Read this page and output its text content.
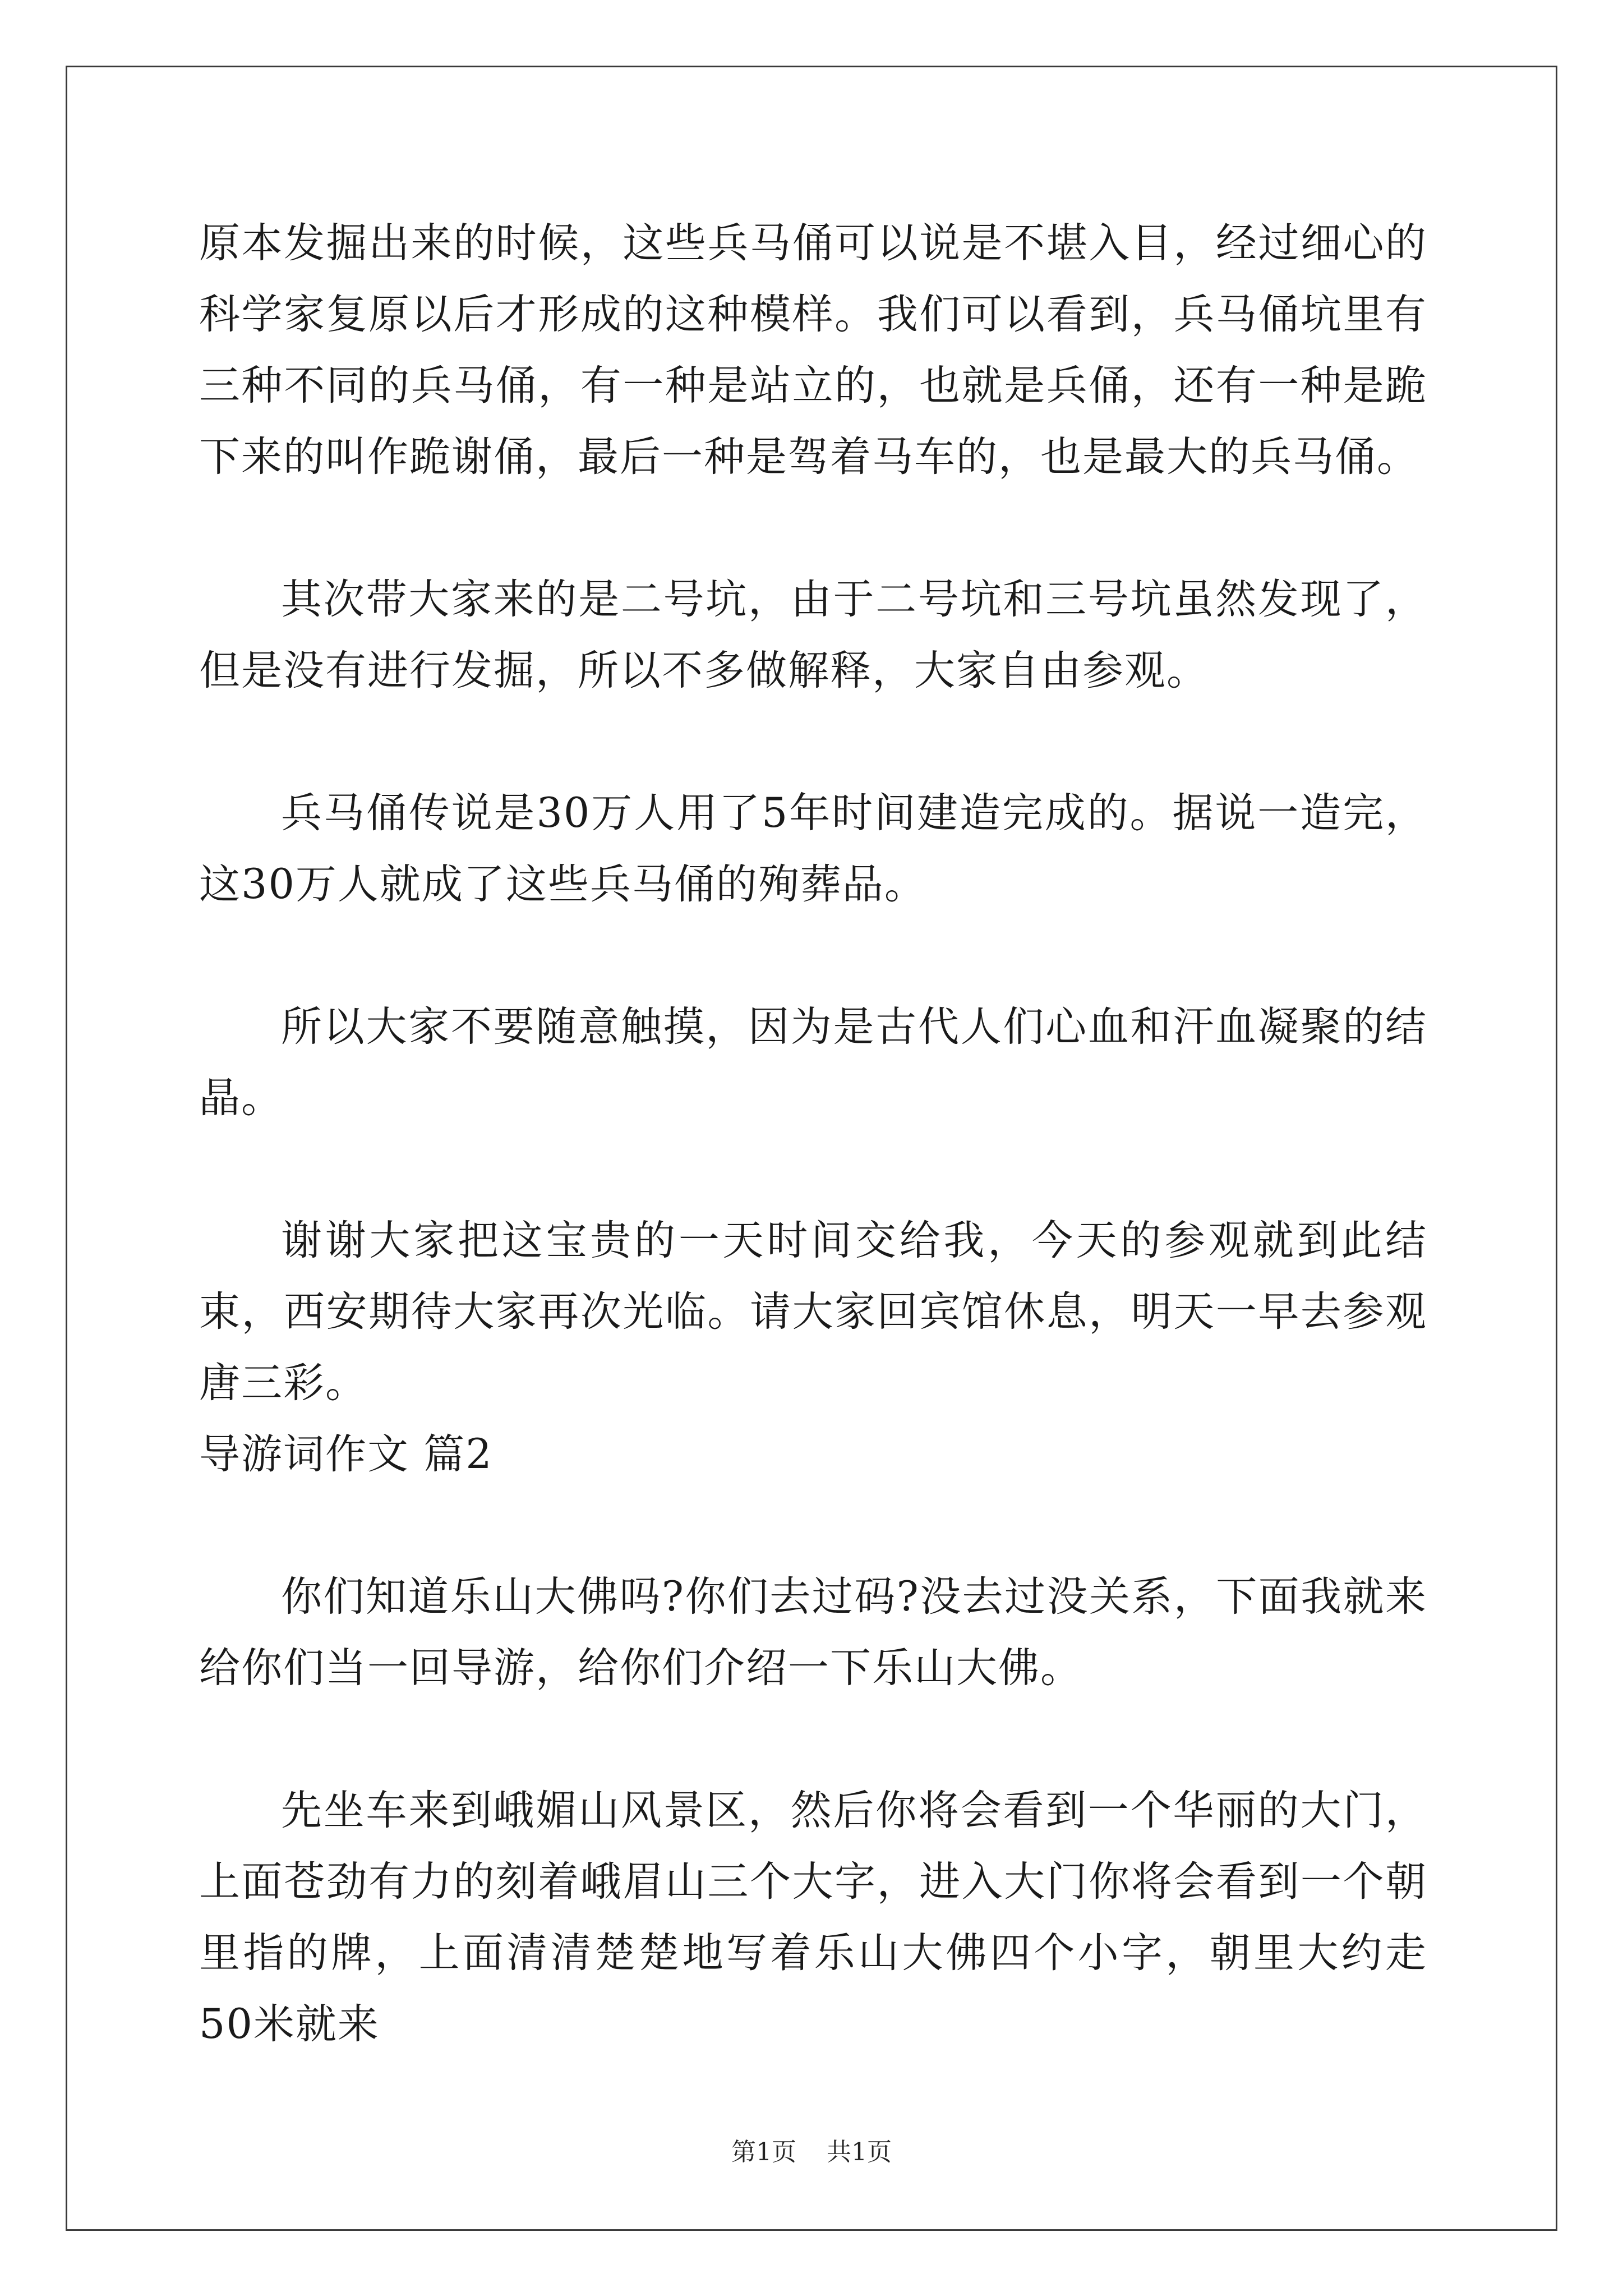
原本发掘出来的时候，这些兵马俑可以说是不堪入目，经过细心的科学家复原以后才形成的这种模样。我们可以看到，兵马俑坑里有三种不同的兵马俑，有一种是站立的，也就是兵俑，还有一种是跪下来的叫作跪谢俑，最后一种是驾着马车的，也是最大的兵马俑。

其次带大家来的是二号坑，由于二号坑和三号坑虽然发现了，但是没有进行发掘，所以不多做解释，大家自由参观。

兵马俑传说是30万人用了5年时间建造完成的。据说一造完，这30万人就成了这些兵马俑的殉葬品。

所以大家不要随意触摸，因为是古代人们心血和汗血凝聚的结晶。

谢谢大家把这宝贵的一天时间交给我，今天的参观就到此结束，西安期待大家再次光临。请大家回宾馆休息，明天一早去参观唐三彩。

导游词作文 篇2

你们知道乐山大佛吗?你们去过码?没去过没关系，下面我就来给你们当一回导游，给你们介绍一下乐山大佛。

先坐车来到峨媚山风景区，然后你将会看到一个华丽的大门，上面苍劲有力的刻着峨眉山三个大字，进入大门你将会看到一个朝里指的牌，上面清清楚楚地写着乐山大佛四个小字，朝里大约走50米就来

第1页 共1页
